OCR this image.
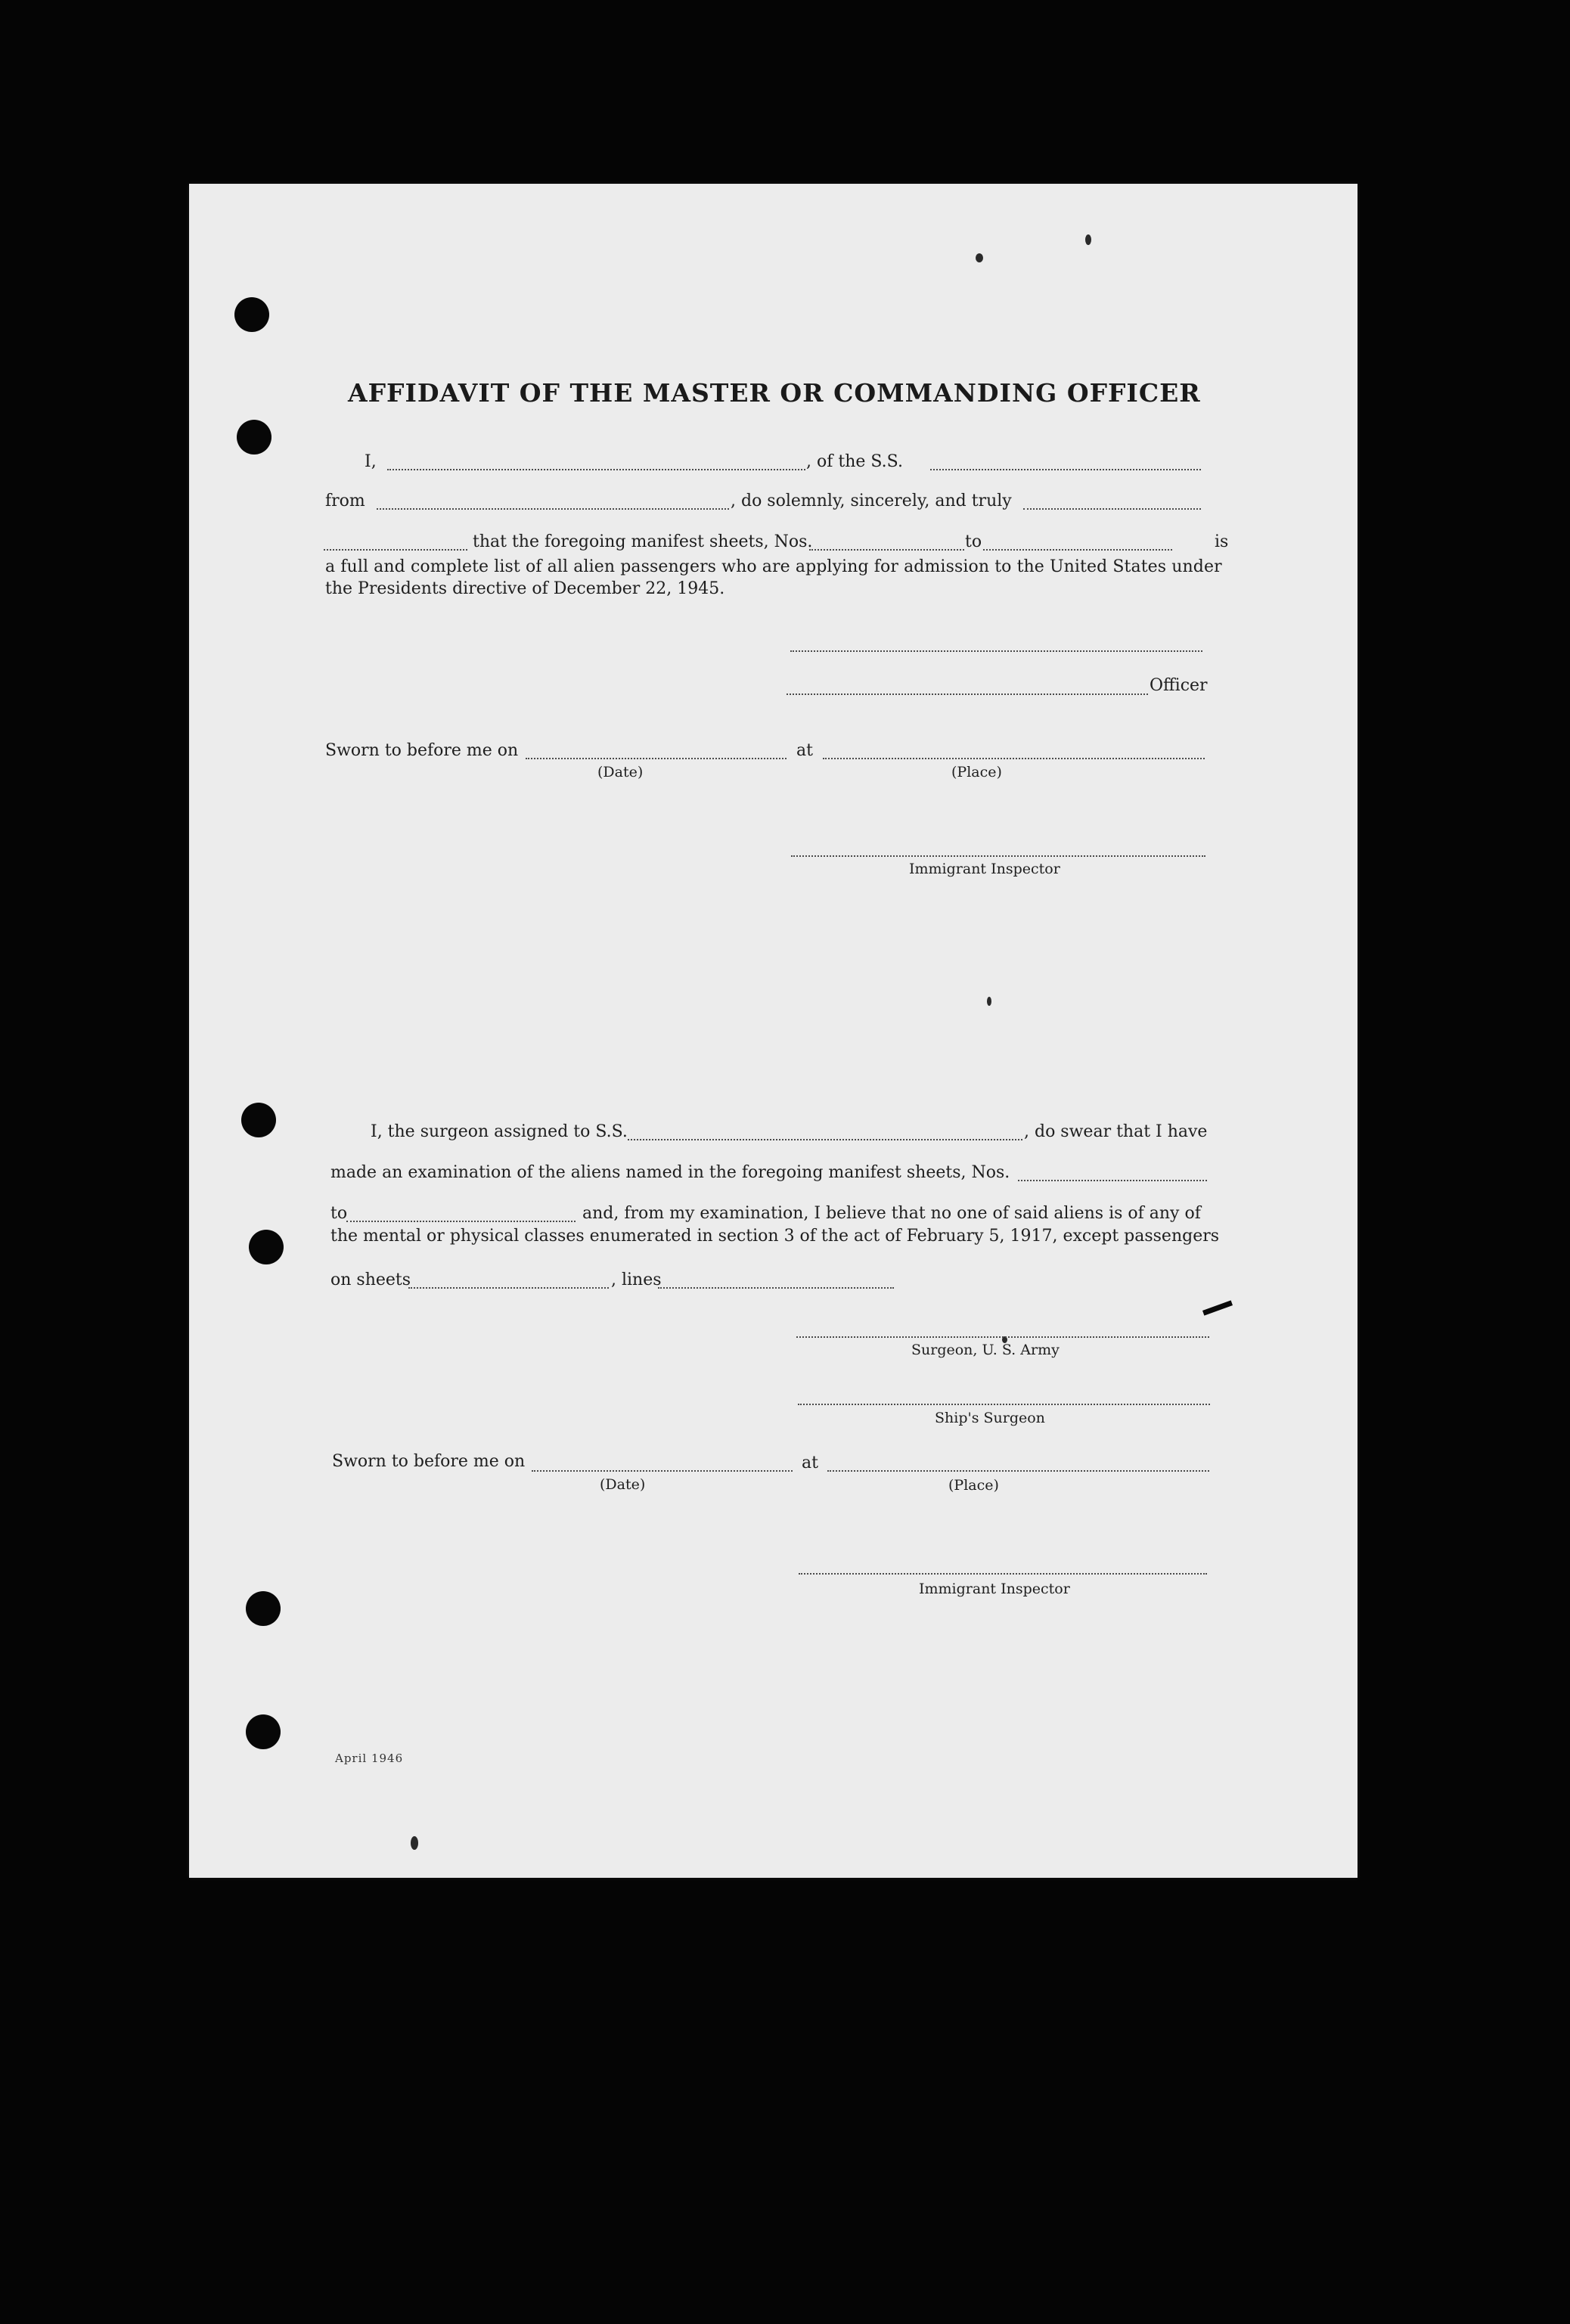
AFFIDAVIT OF THE MASTER OR COMMANDING OFFICER
I,	, of the S.S.
from	, do solemnly, sincerely, and truly
that the foregoing manifest sheets, Nos.	to	is
a full and complete list of all alien passengers who are applying for admission to the United States under
the Presidents directive of December 22, 1945.
Officer
Sworn to before me on	at
(Date)	(Place)
Immigrant Inspector
I, the surgeon assigned to S.S.	, do swear that I have
made an examination of the aliens named in the foregoing manifest sheets, Nos.
to	and, from my examination, I believe that no one of said aliens is of any of
the mental or physical classes enumerated in section 3 of the act of February 5, 1917, except passengers
on sheets	, lines
Surgeon, U. S. Army
Ship's Surgeon
Sworn to before me on	at
(Date)	(Place)
Immigrant Inspector
April 1946
